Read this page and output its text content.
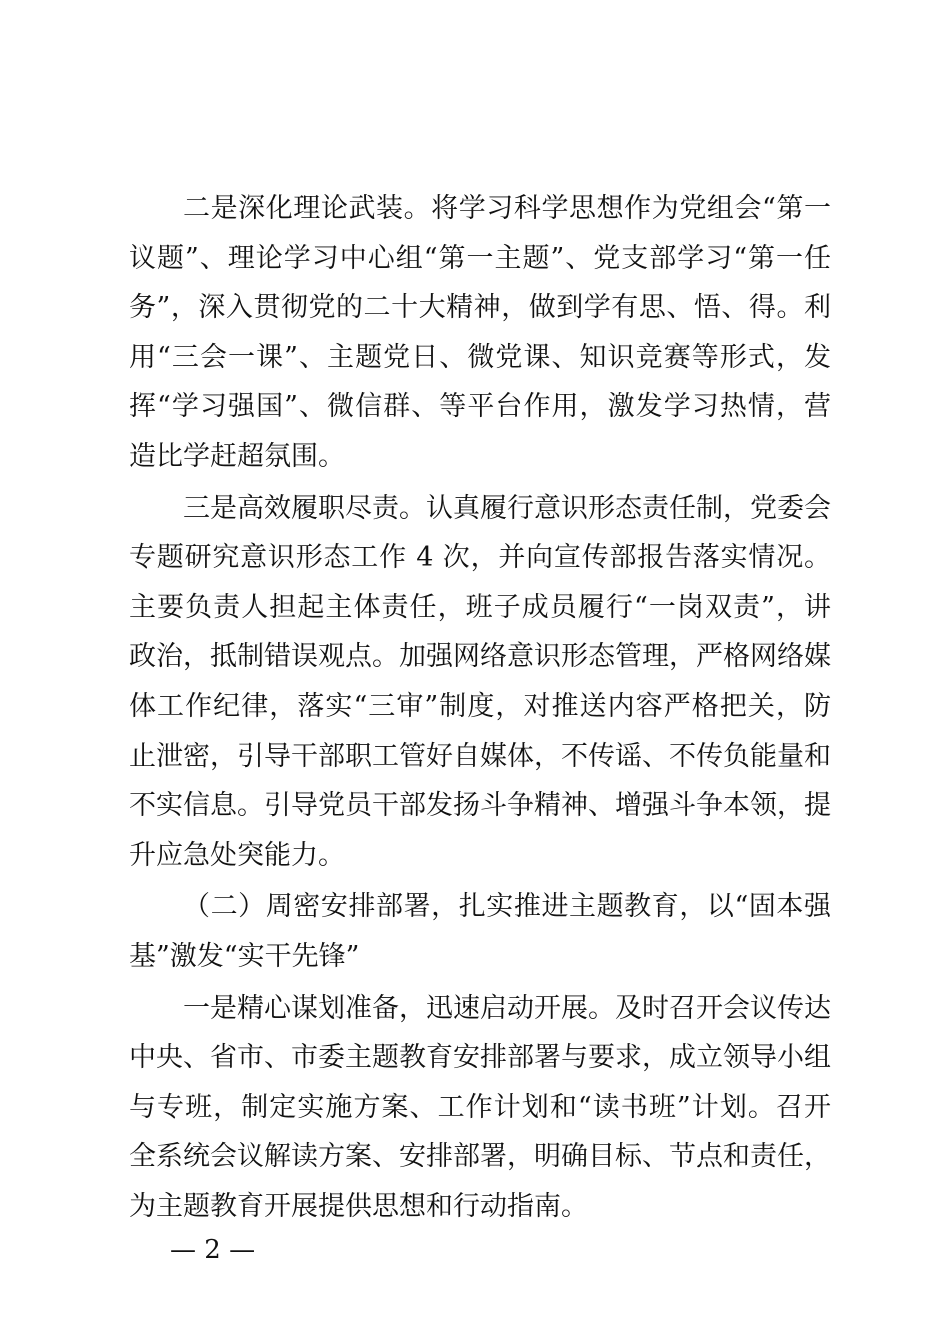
二是深化理论武装。将学习科学思想作为党组会“第一议题”、理论学习中心组“第一主题”、党支部学习“第一任务”，深入贯彻党的二十大精神，做到学有思、悟、得。利用“三会一课”、主题党日、微党课、知识竞赛等形式，发挥“学习强国”、微信群、等平台作用，激发学习热情，营造比学赶超氛围。

三是高效履职尽责。认真履行意识形态责任制，党委会专题研究意识形态工作 4 次，并向宣传部报告落实情况。主要负责人担起主体责任，班子成员履行“一岗双责”，讲政治，抵制错误观点。加强网络意识形态管理，严格网络媒体工作纪律，落实“三审”制度，对推送内容严格把关，防止泄密，引导干部职工管好自媒体，不传谣、不传负能量和不实信息。引导党员干部发扬斗争精神、增强斗争本领，提升应急处突能力。

（二）周密安排部署，扎实推进主题教育，以“固本强基”激发“实干先锋”

一是精心谋划准备，迅速启动开展。及时召开会议传达中央、省市、市委主题教育安排部署与要求，成立领导小组与专班，制定实施方案、工作计划和“读书班”计划。召开全系统会议解读方案、安排部署，明确目标、节点和责任，为主题教育开展提供思想和行动指南。

— 2 —
